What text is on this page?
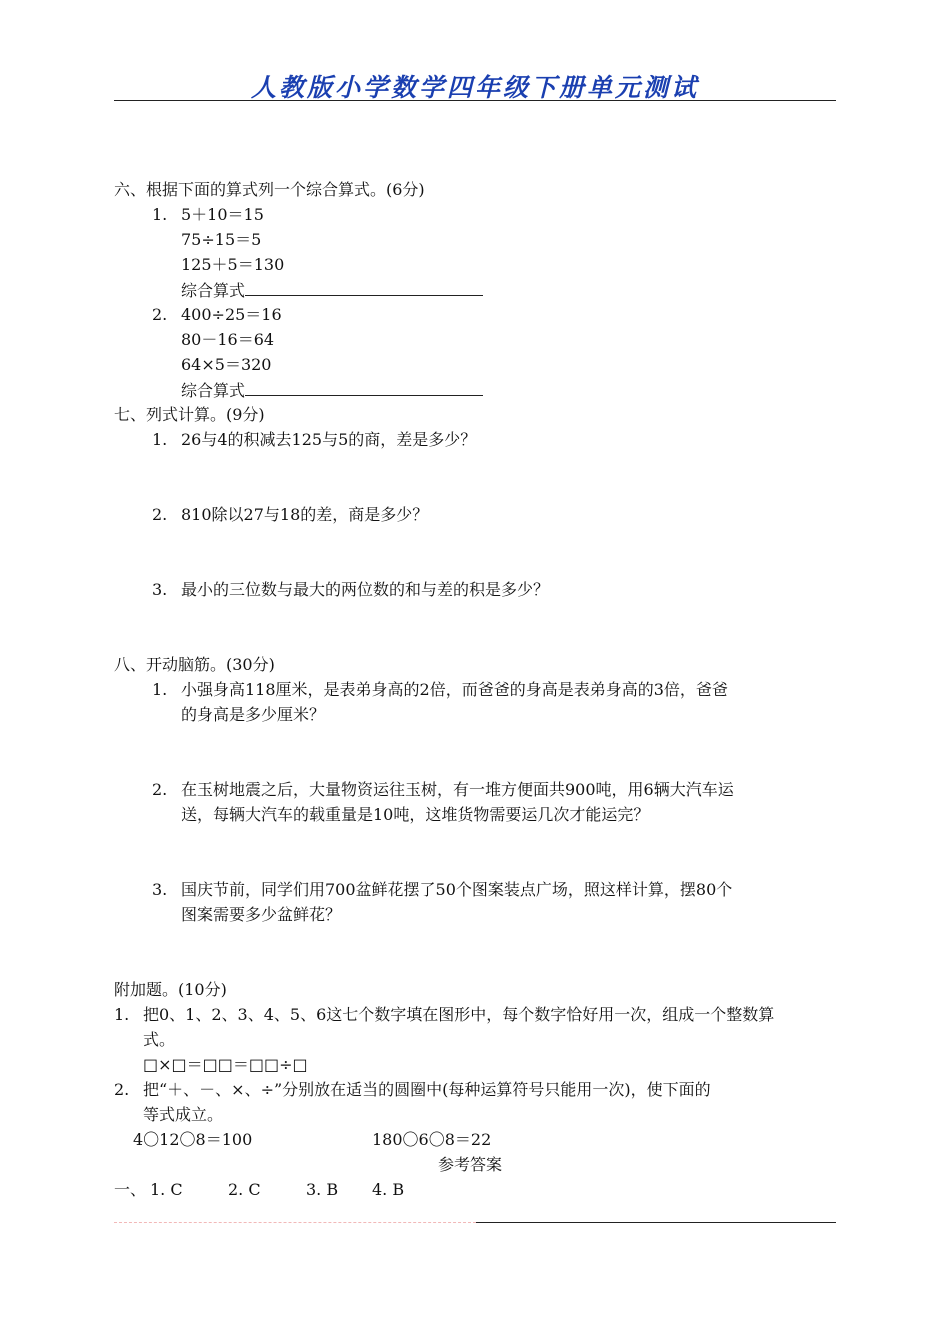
人教版小学数学四年级下册单元测试
六、根据下面的算式列一个综合算式。(6分)
1. 5＋10＝15
75÷15＝5
125＋5＝130
综合算式
2. 400÷25＝16
80－16＝64
64×5＝320
综合算式
七、列式计算。(9分)
1. 26与4的积减去125与5的商，差是多少？
2. 810除以27与18的差，商是多少？
3. 最小的三位数与最大的两位数的和与差的积是多少？
八、开动脑筋。(30分)
1. 小强身高118厘米，是表弟身高的2倍，而爸爸的身高是表弟身高的3倍，爸爸
的身高是多少厘米？
2. 在玉树地震之后，大量物资运往玉树，有一堆方便面共900吨，用6辆大汽车运
送，每辆大汽车的载重量是10吨，这堆货物需要运几次才能运完？
3. 国庆节前，同学们用700盆鲜花摆了50个图案装点广场，照这样计算，摆80个
图案需要多少盆鲜花？
附加题。(10分)
1. 把0、1、2、3、4、5、6这七个数字填在图形中，每个数字恰好用一次，组成一个整数算
式。
□×□＝□□＝□□÷□
2. 把“＋、－、×、÷”分别放在适当的圆圈中(每种运算符号只能用一次)，使下面的
等式成立。
4〇12〇8＝100	180〇6〇8＝22
参考答案
一、 1. C	2. C	3. B 4. B
